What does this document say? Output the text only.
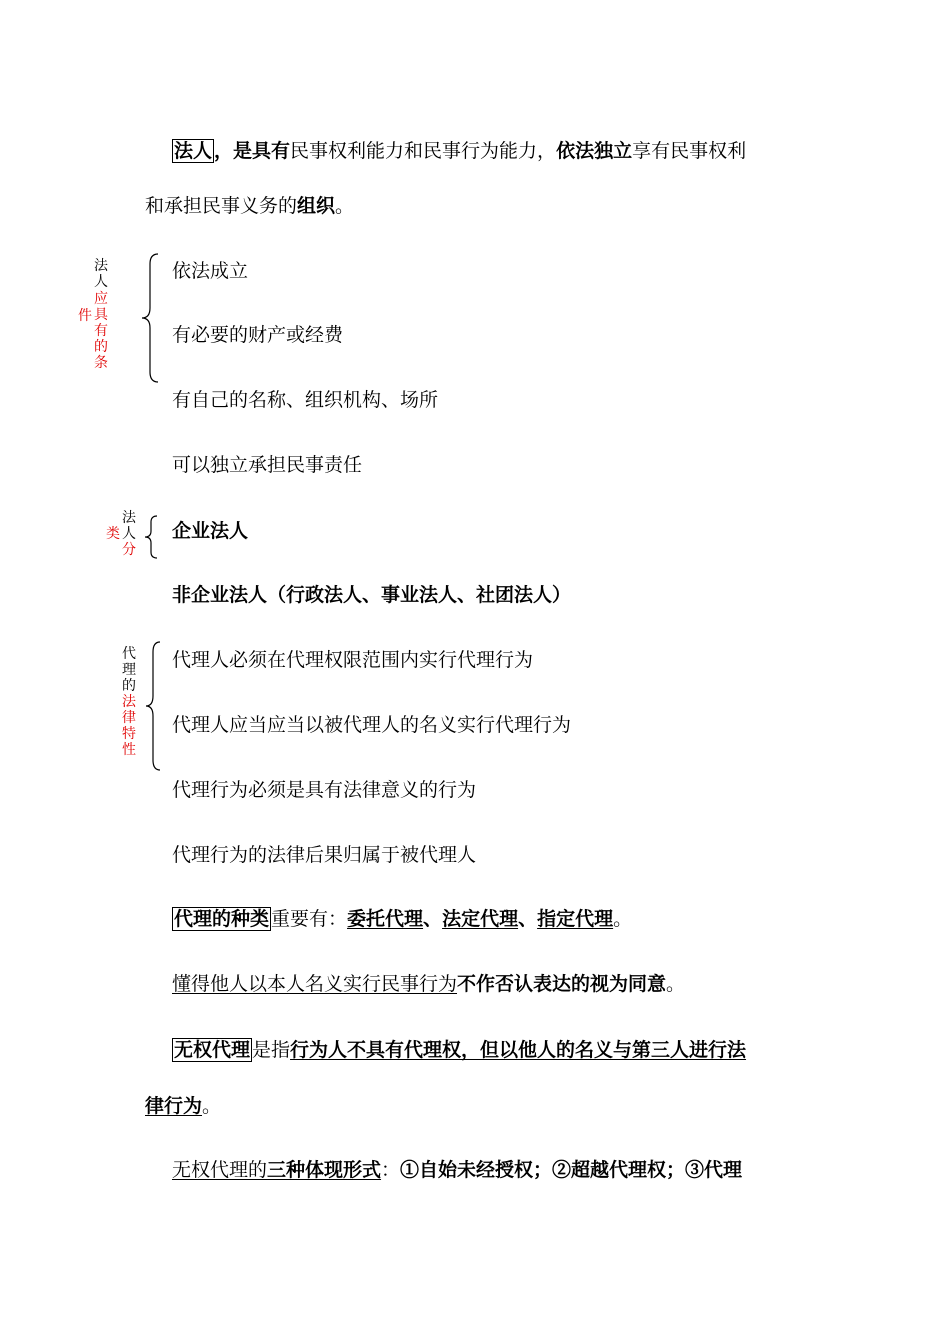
法人 ，是具有民事权利能力和民事行为能力，依法独立享有民事权利
和承担民事义务的组织。
法人
应具有的条
件
依法成立
有必要的财产或经费
有自己的名称、组织机构、场所
可以独立承担民事责任
法人
分
类	企业法人
非企业法人（行政法人、事业法人、社团法人）
代理的
法律特性
代理人必须在代理权限范围内实行代理行为
代理人应当应当以被代理人的名义实行代理行为
代理行为必须是具有法律意义的行为
代理行为的法律后果归属于被代理人
代理的种类 重要有：委托代理、法定代理、指定代理。
懂得他人以本人名义实行民事行为不作否认表达的视为同意。
无权代理 是指行为人不具有代理权，但以他人的名义与第三人进行法
律行为。
无权代理的三种体现形式：①自始未经授权；②超越代理权；③代理
